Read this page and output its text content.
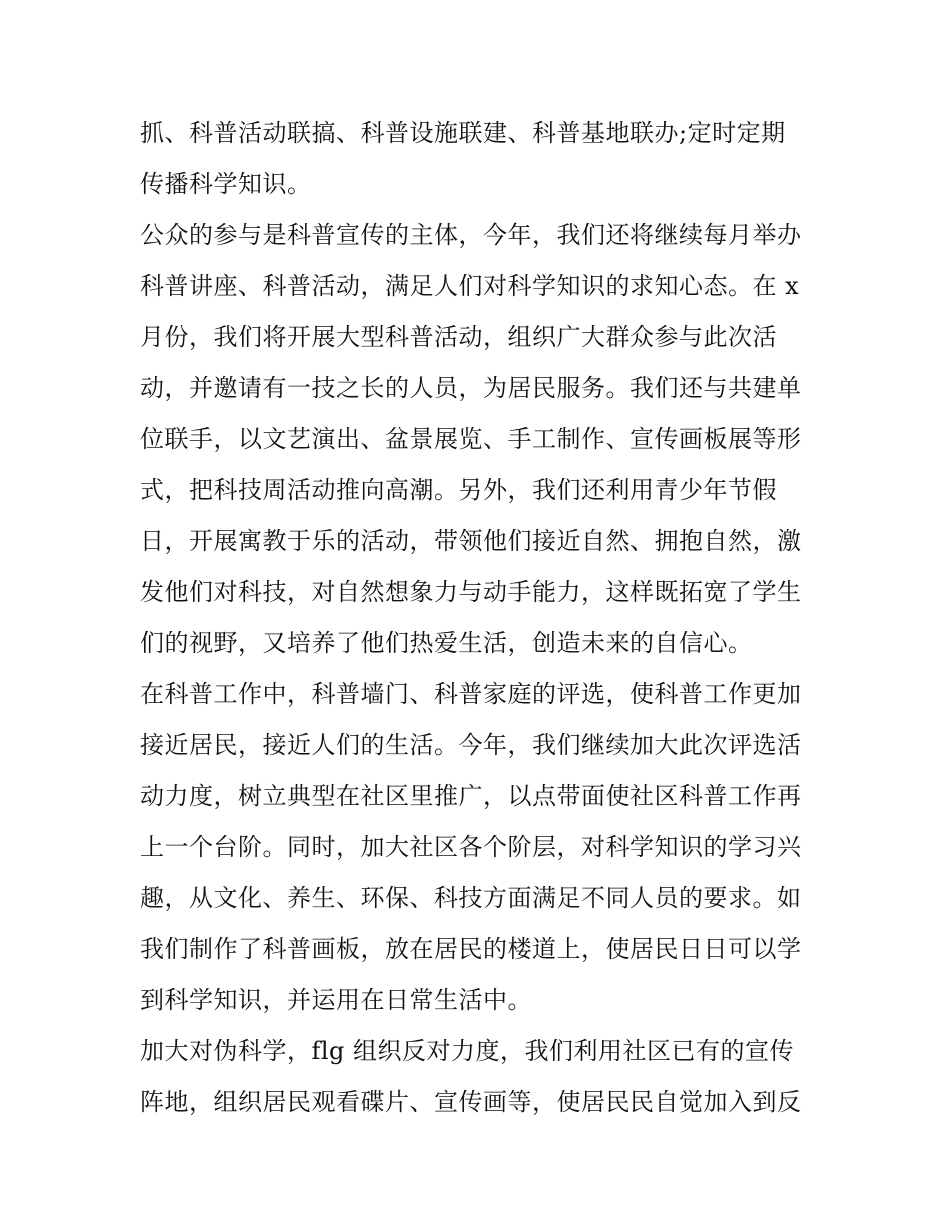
抓、科普活动联搞、科普设施联建、科普基地联办;定时定期
传播科学知识。
公众的参与是科普宣传的主体，今年，我们还将继续每月举办
科普讲座、科普活动，满足人们对科学知识的求知心态。在 x
月份，我们将开展大型科普活动，组织广大群众参与此次活
动，并邀请有一技之长的人员，为居民服务。我们还与共建单
位联手，以文艺演出、盆景展览、手工制作、宣传画板展等形
式，把科技周活动推向高潮。另外，我们还利用青少年节假
日，开展寓教于乐的活动，带领他们接近自然、拥抱自然，激
发他们对科技，对自然想象力与动手能力，这样既拓宽了学生
们的视野，又培养了他们热爱生活，创造未来的自信心。
在科普工作中，科普墙门、科普家庭的评选，使科普工作更加
接近居民，接近人们的生活。今年，我们继续加大此次评选活
动力度，树立典型在社区里推广，以点带面使社区科普工作再
上一个台阶。同时，加大社区各个阶层，对科学知识的学习兴
趣，从文化、养生、环保、科技方面满足不同人员的要求。如
我们制作了科普画板，放在居民的楼道上，使居民日日可以学
到科学知识，并运用在日常生活中。
加大对伪科学，flg 组织反对力度，我们利用社区已有的宣传
阵地，组织居民观看碟片、宣传画等，使居民民自觉加入到反
